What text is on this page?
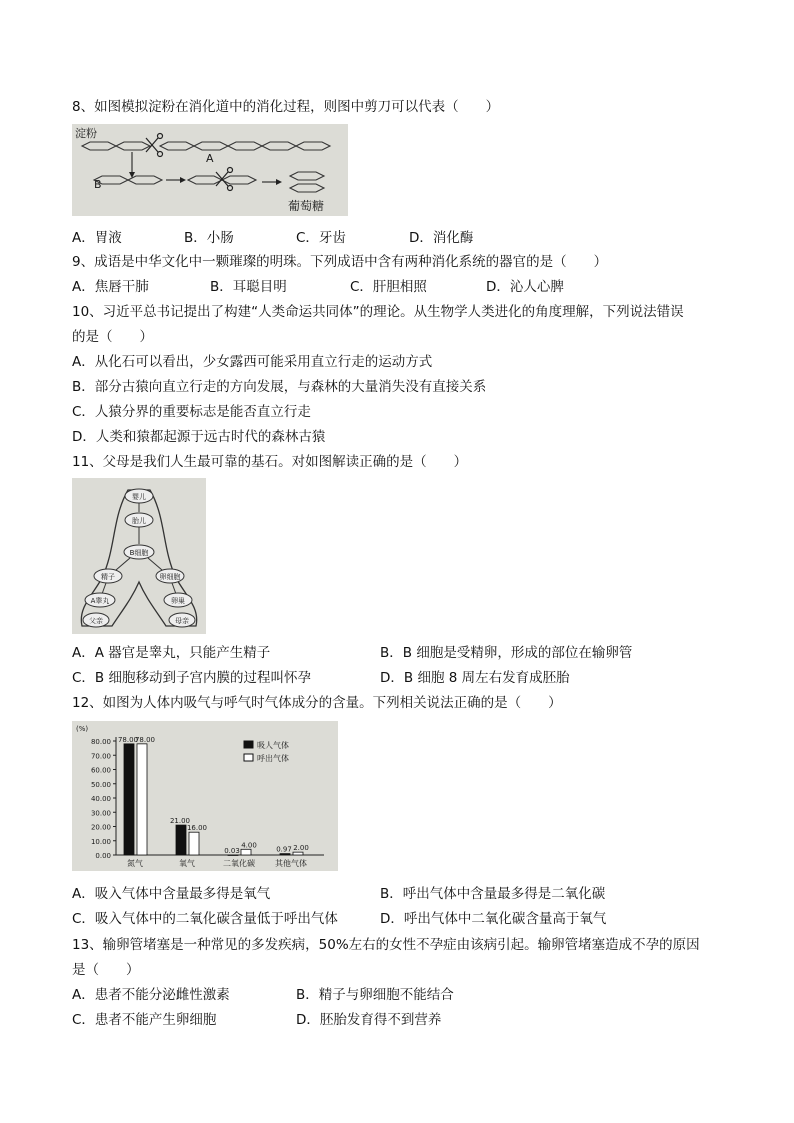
8、如图模拟淀粉在消化道中的消化过程，则图中剪刀可以代表（　　）
淀粉
A
B
葡萄糖
A．胃液	B．小肠	C．牙齿	D．消化酶
9、成语是中华文化中一颗璀璨的明珠。下列成语中含有两种消化系统的器官的是（　　）
A．焦唇干肺	B．耳聪目明	C．肝胆相照	D．沁人心脾
10、习近平总书记提出了构建“人类命运共同体”的理论。从生物学人类进化的角度理解，下列说法错误
的是（　　）
A．从化石可以看出，少女露西可能采用直立行走的运动方式
B．部分古猿向直立行走的方向发展，与森林的大量消失没有直接关系
C．人猿分界的重要标志是能否直立行走
D．人类和猿都起源于远古时代的森林古猿
11、父母是我们人生最可靠的基石。对如图解读正确的是（　　）
婴儿
胎儿
B细胞
精子	卵细胞
A睾丸	卵巢
父亲	母亲
A．A 器官是睾丸，只能产生精子	B．B 细胞是受精卵，形成的部位在输卵管
C．B 细胞移动到子宫内膜的过程叫怀孕	D．B 细胞 8 周左右发育成胚胎
12、如图为人体内吸气与呼气时气体成分的含量。下列相关说法正确的是（　　）
(%)
0.00
10.00
20.00
30.00
40.00
50.00
60.00
70.00
80.00 78.00
78.00
21.00
16.00
0.03
4.00
0.97 2.00
氮气	氧气	二氧化碳	其他气体
吸人气体
呼出气体
A．吸入气体中含量最多得是氧气	B．呼出气体中含量最多得是二氧化碳
C．吸入气体中的二氧化碳含量低于呼出气体	D．呼出气体中二氧化碳含量高于氧气
13、输卵管堵塞是一种常见的多发疾病，50%左右的女性不孕症由该病引起。输卵管堵塞造成不孕的原因
是（　　）
A．患者不能分泌雌性激素	B．精子与卵细胞不能结合
C．患者不能产生卵细胞	D．胚胎发育得不到营养
